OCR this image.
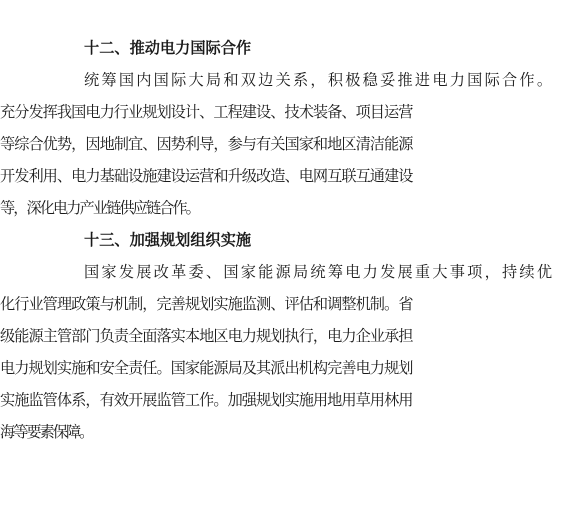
十二、推动电力国际合作
统筹国内国际大局和双边关系，积极稳妥推进电力国际合作。
充分发挥我国电力行业规划设计、工程建设、技术装备、项目运营
等综合优势，因地制宜、因势利导，参与有关国家和地区清洁能源
开发利用、电力基础设施建设运营和升级改造、电网互联互通建设
等，深化电力产业链供应链合作。
十三、加强规划组织实施
国家发展改革委、国家能源局统筹电力发展重大事项，持续优
化行业管理政策与机制，完善规划实施监测、评估和调整机制。省
级能源主管部门负责全面落实本地区电力规划执行，电力企业承担
电力规划实施和安全责任。国家能源局及其派出机构完善电力规划
实施监管体系，有效开展监管工作。加强规划实施用地用草用林用
海等要素保障。
